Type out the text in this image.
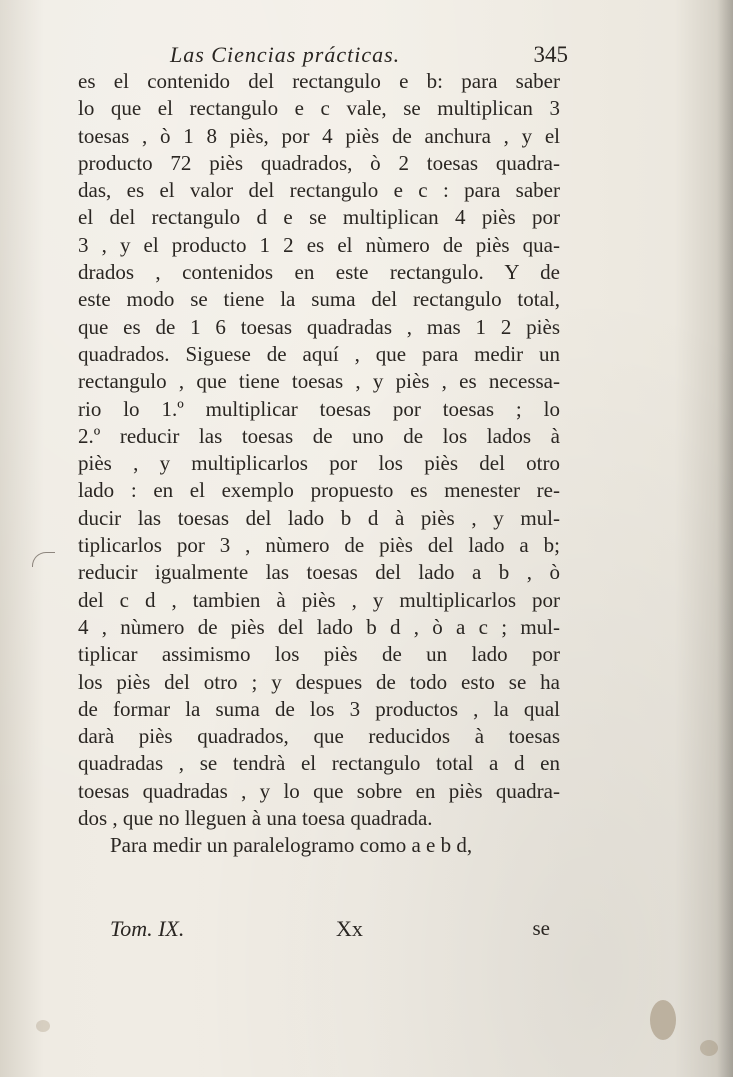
Las Ciencias prácticas.	345
es el contenido del rectangulo e b: para saber
lo que el rectangulo e c vale, se multiplican 3
toesas , ò 1 8 piès, por 4 piès de anchura , y el
producto 72 piès quadrados, ò 2 toesas quadra-
das, es el valor del rectangulo e c : para saber
el del rectangulo d e se multiplican 4 piès por
3 , y el producto 1 2 es el nùmero de piès qua-
drados , contenidos en este rectangulo. Y de
este modo se tiene la suma del rectangulo total,
que es de 1 6 toesas quadradas , mas 1 2 piès
quadrados. Siguese de aquí , que para medir un
rectangulo , que tiene toesas , y piès , es necessa-
rio lo 1.º multiplicar toesas por toesas ; lo
2.º reducir las toesas de uno de los lados à
piès , y multiplicarlos por los piès del otro
lado : en el exemplo propuesto es menester re-
ducir las toesas del lado b d à piès , y mul-
tiplicarlos por 3 , nùmero de piès del lado a b;
reducir igualmente las toesas del lado a b , ò
del c d , tambien à piès , y multiplicarlos por
4 , nùmero de piès del lado b d , ò a c ; mul-
tiplicar assimismo los piès de un lado por
los piès del otro ; y despues de todo esto se ha
de formar la suma de los 3 productos , la qual
darà piès quadrados, que reducidos à toesas
quadradas , se tendrà el rectangulo total a d en
toesas quadradas , y lo que sobre en piès quadra-
dos , que no lleguen à una toesa quadrada.
Para medir un paralelogramo como a e b d,
Tom. IX.	Xx	se
